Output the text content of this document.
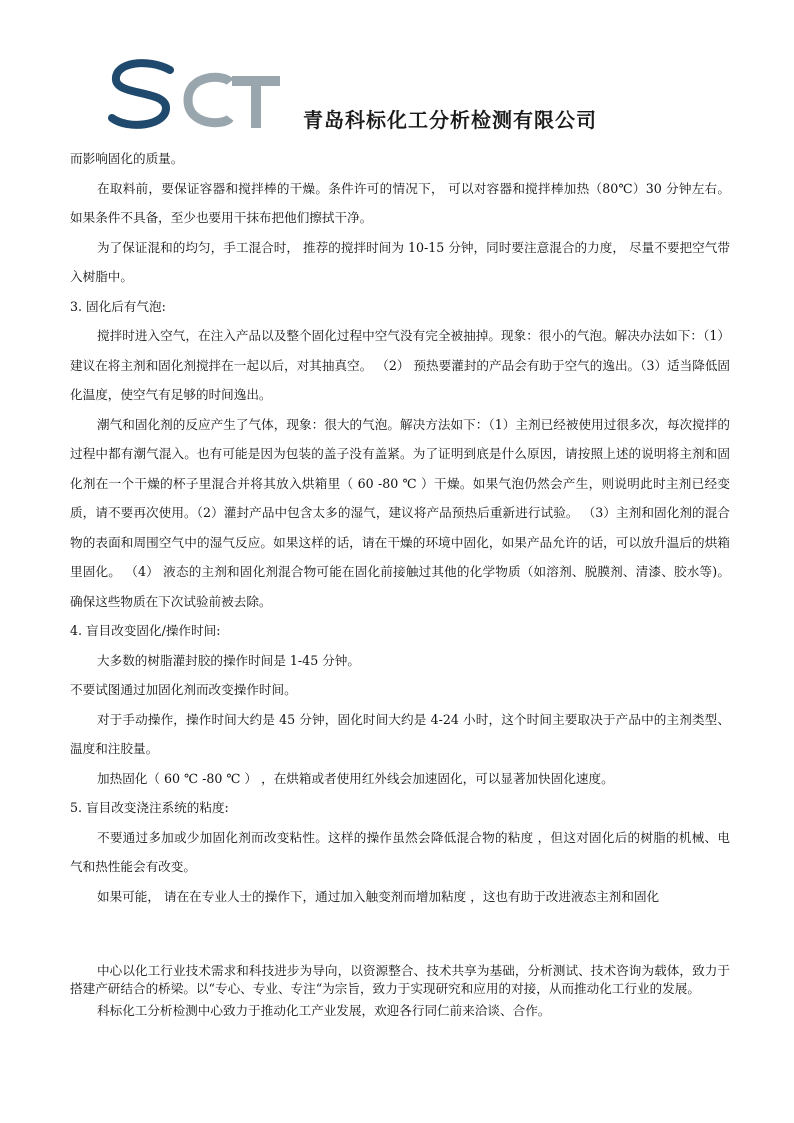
青岛科标化工分析检测有限公司

而影响固化的质量。

在取料前，要保证容器和搅拌棒的干燥。条件许可的情况下， 可以对容器和搅拌棒加热（80℃）30 分钟左右。如果条件不具备，至少也要用干抹布把他们擦拭干净。

为了保证混和的均匀，手工混合时， 推荐的搅拌时间为 10-15 分钟，同时要注意混合的力度， 尽量不要把空气带入树脂中。

3. 固化后有气泡:

搅拌时进入空气，在注入产品以及整个固化过程中空气没有完全被抽掉。现象：很小的气泡。解决办法如下：（1）建议在将主剂和固化剂搅拌在一起以后，对其抽真空。 （2） 预热要灌封的产品会有助于空气的逸出。（3）适当降低固化温度，使空气有足够的时间逸出。

潮气和固化剂的反应产生了气体，现象：很大的气泡。解决方法如下：（1）主剂已经被使用过很多次，每次搅拌的过程中都有潮气混入。也有可能是因为包装的盖子没有盖紧。为了证明到底是什么原因，请按照上述的说明将主剂和固化剂在一个干燥的杯子里混合并将其放入烘箱里（ 60 -80 ℃ ）干燥。如果气泡仍然会产生，则说明此时主剂已经变质，请不要再次使用。（2）灌封产品中包含太多的湿气，建议将产品预热后重新进行试验。 （3）主剂和固化剂的混合物的表面和周围空气中的湿气反应。如果这样的话，请在干燥的环境中固化，如果产品允许的话，可以放升温后的烘箱里固化。 （4） 液态的主剂和固化剂混合物可能在固化前接触过其他的化学物质（如溶剂、脱膜剂、清漆、胶水等)。确保这些物质在下次试验前被去除。

4. 盲目改变固化/操作时间:

大多数的树脂灌封胶的操作时间是 1-45 分钟。

不要试图通过加固化剂而改变操作时间。

对于手动操作，操作时间大约是 45 分钟，固化时间大约是 4-24 小时，这个时间主要取决于产品中的主剂类型、温度和注胶量。

加热固化（ 60 ℃ -80 ℃ ） ，在烘箱或者使用红外线会加速固化，可以显著加快固化速度。

5. 盲目改变浇注系统的粘度:

不要通过多加或少加固化剂而改变粘性。这样的操作虽然会降低混合物的粘度 ，但这对固化后的树脂的机械、电气和热性能会有改变。

如果可能， 请在在专业人士的操作下，通过加入触变剂而增加粘度 ，这也有助于改进液态主剂和固化

中心以化工行业技术需求和科技进步为导向，以资源整合、技术共享为基础，分析测试、技术咨询为载体，致力于搭建产研结合的桥梁。以“专心、专业、专注“为宗旨，致力于实现研究和应用的对接，从而推动化工行业的发展。

科标化工分析检测中心致力于推动化工产业发展，欢迎各行同仁前来洽谈、合作。
